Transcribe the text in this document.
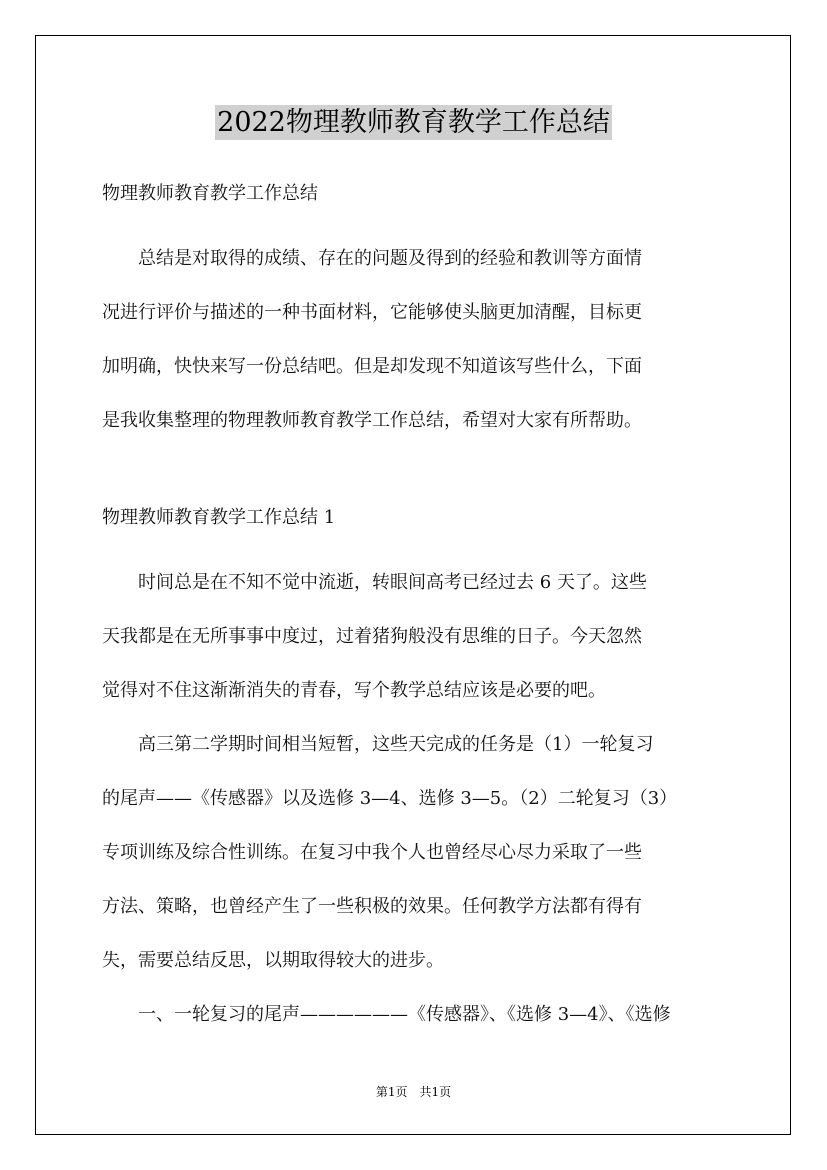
2022物理教师教育教学工作总结
物理教师教育教学工作总结
　　总结是对取得的成绩、存在的问题及得到的经验和教训等方面情
况进行评价与描述的一种书面材料，它能够使头脑更加清醒，目标更
加明确，快快来写一份总结吧。但是却发现不知道该写些什么，下面
是我收集整理的物理教师教育教学工作总结，希望对大家有所帮助。
物理教师教育教学工作总结 1
　　时间总是在不知不觉中流逝，转眼间高考已经过去 6 天了。这些
天我都是在无所事事中度过，过着猪狗般没有思维的日子。今天忽然
觉得对不住这渐渐消失的青春，写个教学总结应该是必要的吧。
　　高三第二学期时间相当短暂，这些天完成的任务是（1）一轮复习
的尾声——《传感器》以及选修 3—4、选修 3—5。（2）二轮复习（3）
专项训练及综合性训练。在复习中我个人也曾经尽心尽力采取了一些
方法、策略，也曾经产生了一些积极的效果。任何教学方法都有得有
失，需要总结反思，以期取得较大的进步。
　　一、一轮复习的尾声——————《传感器》、《选修 3—4》、《选修
第1页　共1页
